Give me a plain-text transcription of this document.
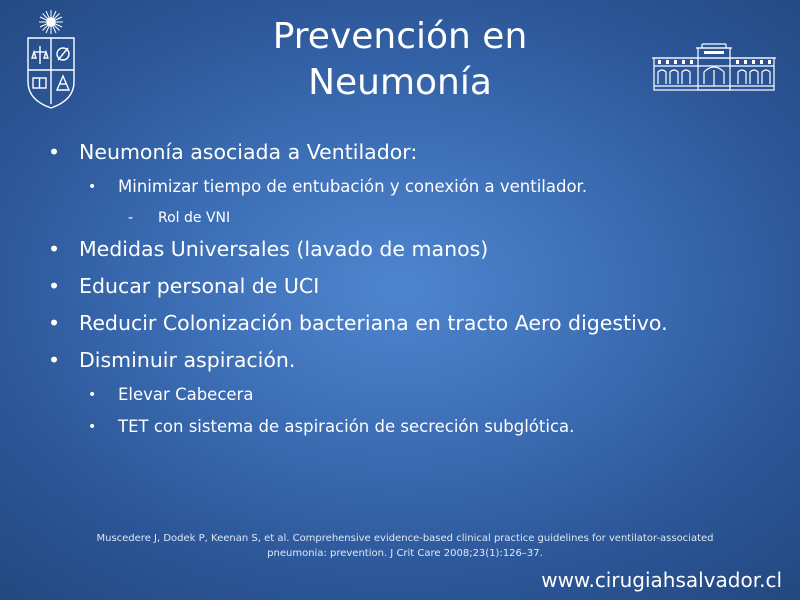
Prevención en
Neumonía
• Neumonía asociada a Ventilador:
• Minimizar tiempo de entubación y conexión a ventilador.
- Rol de VNI
• Medidas Universales (lavado de manos)
• Educar personal de UCI
• Reducir Colonización bacteriana en tracto Aero digestivo.
• Disminuir aspiración.
• Elevar Cabecera
• TET con sistema de aspiración de secreción subglótica.
Muscedere J, Dodek P, Keenan S, et al. Comprehensive evidence-based clinical practice guidelines for ventilator-associated
pneumonia: prevention. J Crit Care 2008;23(1):126–37.
www.cirugiahsalvador.cl
